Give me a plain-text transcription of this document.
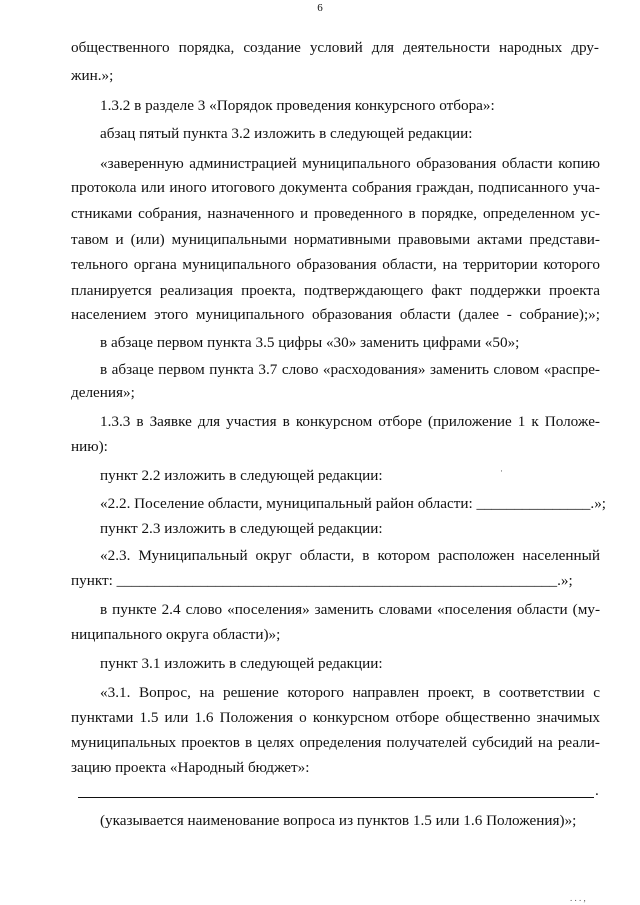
6
общественного порядка, создание условий для деятельности народных дру-
жин.»;
1.3.2 в разделе 3 «Порядок проведения конкурсного отбора»:
абзац пятый пункта 3.2 изложить в следующей редакции:
«заверенную администрацией муниципального образования области копию
протокола или иного итогового документа собрания граждан, подписанного уча-
стниками собрания, назначенного и проведенного в порядке, определенном ус-
тавом и (или) муниципальными нормативными правовыми актами представи-
тельного органа муниципального образования области, на территории которого
планируется реализация проекта, подтверждающего факт поддержки проекта
населением этого муниципального образования области (далее - собрание);»;
в абзаце первом пункта 3.5 цифры «30» заменить цифрами «50»;
в абзаце первом пункта 3.7 слово «расходования» заменить словом «распре-
деления»;
1.3.3 в Заявке для участия в конкурсном отборе (приложение 1 к Положе-
нию):
пункт 2.2 изложить в следующей редакции:
«2.2. Поселение области, муниципальный район области: _______________.»;
пункт 2.3 изложить в следующей редакции:
«2.3. Муниципальный округ области, в котором расположен населенный
пункт: __________________________________________________________.»;
в пункте 2.4 слово «поселения» заменить словами «поселения области (му-
ниципального округа области)»;
пункт 3.1 изложить в следующей редакции:
«3.1. Вопрос, на решение которого направлен проект, в соответствии с
пунктами 1.5 или 1.6 Положения о конкурсном отборе общественно значимых
муниципальных проектов в целях определения получателей субсидий на реали-
зацию проекта «Народный бюджет»:
.
(указывается наименование вопроса из пунктов 1.5 или 1.6 Положения)»;
·
. . . ,
